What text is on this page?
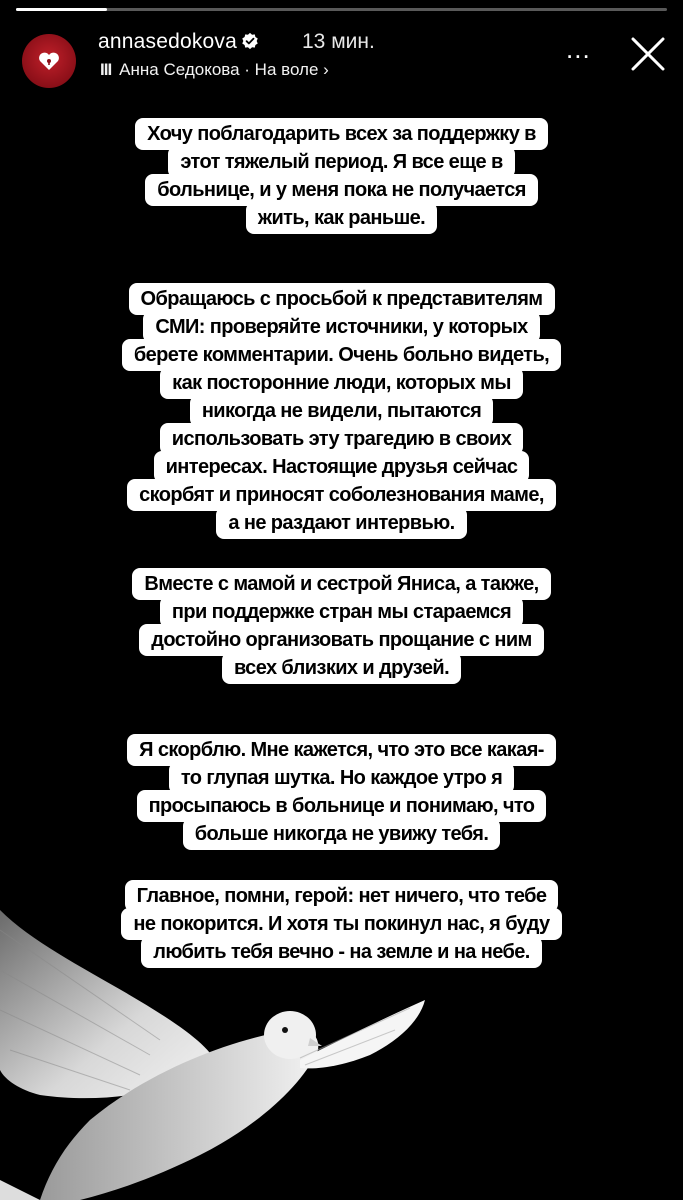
annasedokova	13 мин.
III Анна Седокова · На воле ›
...
Хочу поблагодарить всех за поддержку в
этот тяжелый период. Я все еще в
больнице, и у меня пока не получается
жить, как раньше.
Обращаюсь с просьбой к представителям
СМИ: проверяйте источники, у которых
берете комментарии. Очень больно видеть,
как посторонние люди, которых мы
никогда не видели, пытаются
использовать эту трагедию в своих
интересах. Настоящие друзья сейчас
скорбят и приносят соболезнования маме,
а не раздают интервью.
Вместе с мамой и сестрой Яниса, а также,
при поддержке стран мы стараемся
достойно организовать прощание с ним
всех близких и друзей.
Я скорблю. Мне кажется, что это все какая-
то глупая шутка. Но каждое утро я
просыпаюсь в больнице и понимаю, что
больше никогда не увижу тебя.
Главное, помни, герой: нет ничего, что тебе
не покорится. И хотя ты покинул нас, я буду
любить тебя вечно - на земле и на небе.
